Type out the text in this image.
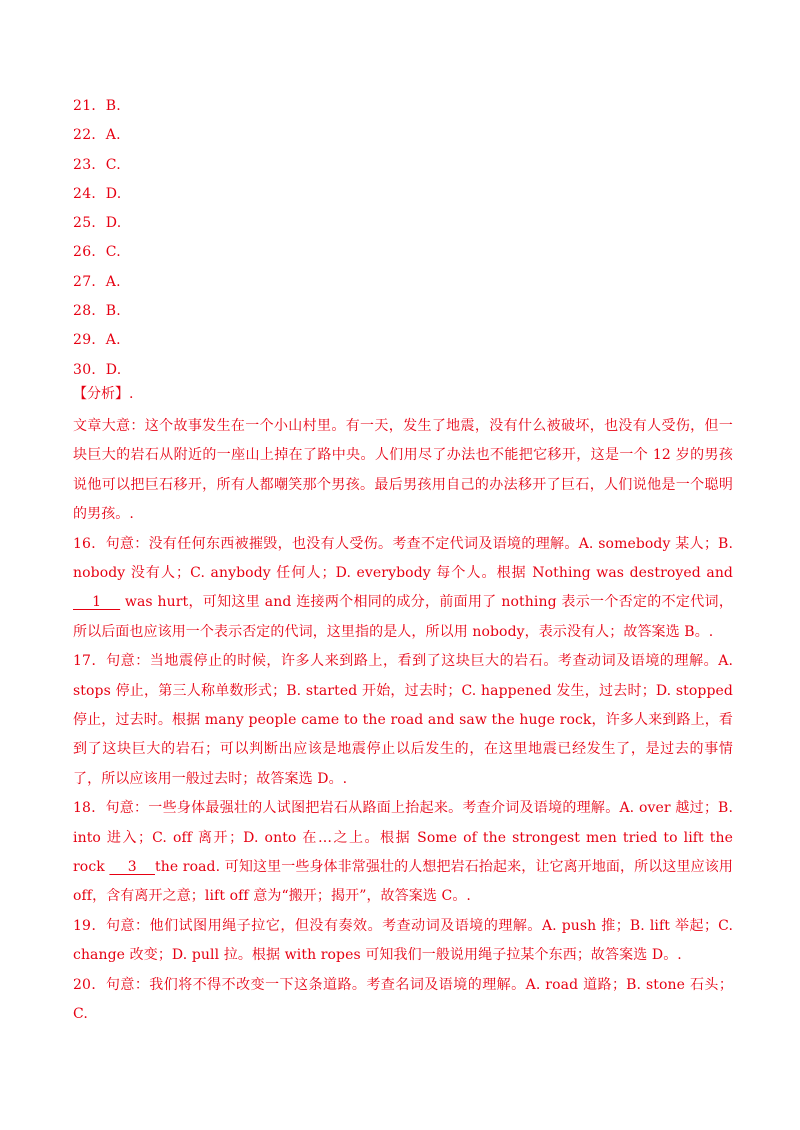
21．B.
22．A.
23．C.
24．D.
25．D.
26．C.
27．A.
28．B.
29．A.
30．D.
【分析】.

文章大意：这个故事发生在一个小山村里。有一天，发生了地震，没有什么被破坏，也没有人受伤，但一块巨大的岩石从附近的一座山上掉在了路中央。人们用尽了办法也不能把它移开，这是一个 12 岁的男孩说他可以把巨石移开，所有人都嘲笑那个男孩。最后男孩用自己的办法移开了巨石，人们说他是一个聪明的男孩。.

16．句意：没有任何东西被摧毁，也没有人受伤。考查不定代词及语境的理解。A. somebody 某人；B. nobody 没有人；C. anybody 任何人；D. everybody 每个人。根据 Nothing was destroyed and     1     was hurt，可知这里 and 连接两个相同的成分，前面用了 nothing 表示一个否定的不定代词，所以后面也应该用一个表示否定的代词，这里指的是人，所以用 nobody，表示没有人；故答案选 B。.

17．句意：当地震停止的时候，许多人来到路上，看到了这块巨大的岩石。考查动词及语境的理解。A. stops 停止，第三人称单数形式；B. started 开始，过去时；C. happened 发生，过去时；D. stopped 停止，过去时。根据 many people came to the road and saw the huge rock，许多人来到路上，看到了这块巨大的岩石；可以判断出应该是地震停止以后发生的，在这里地震已经发生了，是过去的事情了，所以应该用一般过去时；故答案选 D。.

18．句意：一些身体最强壮的人试图把岩石从路面上抬起来。考查介词及语境的理解。A. over 越过；B. into 进入；C. off 离开；D. onto 在…之上。根据 Some of the strongest men tried to lift the rock     3    the road. 可知这里一些身体非常强壮的人想把岩石抬起来，让它离开地面，所以这里应该用 off，含有离开之意；lift off 意为“搬开；揭开”，故答案选 C。.

19．句意：他们试图用绳子拉它，但没有奏效。考查动词及语境的理解。A. push 推；B. lift 举起；C. change 改变；D. pull 拉。根据 with ropes 可知我们一般说用绳子拉某个东西；故答案选 D。.

20．句意：我们将不得不改变一下这条道路。考查名词及语境的理解。A. road 道路；B. stone 石头；C.
